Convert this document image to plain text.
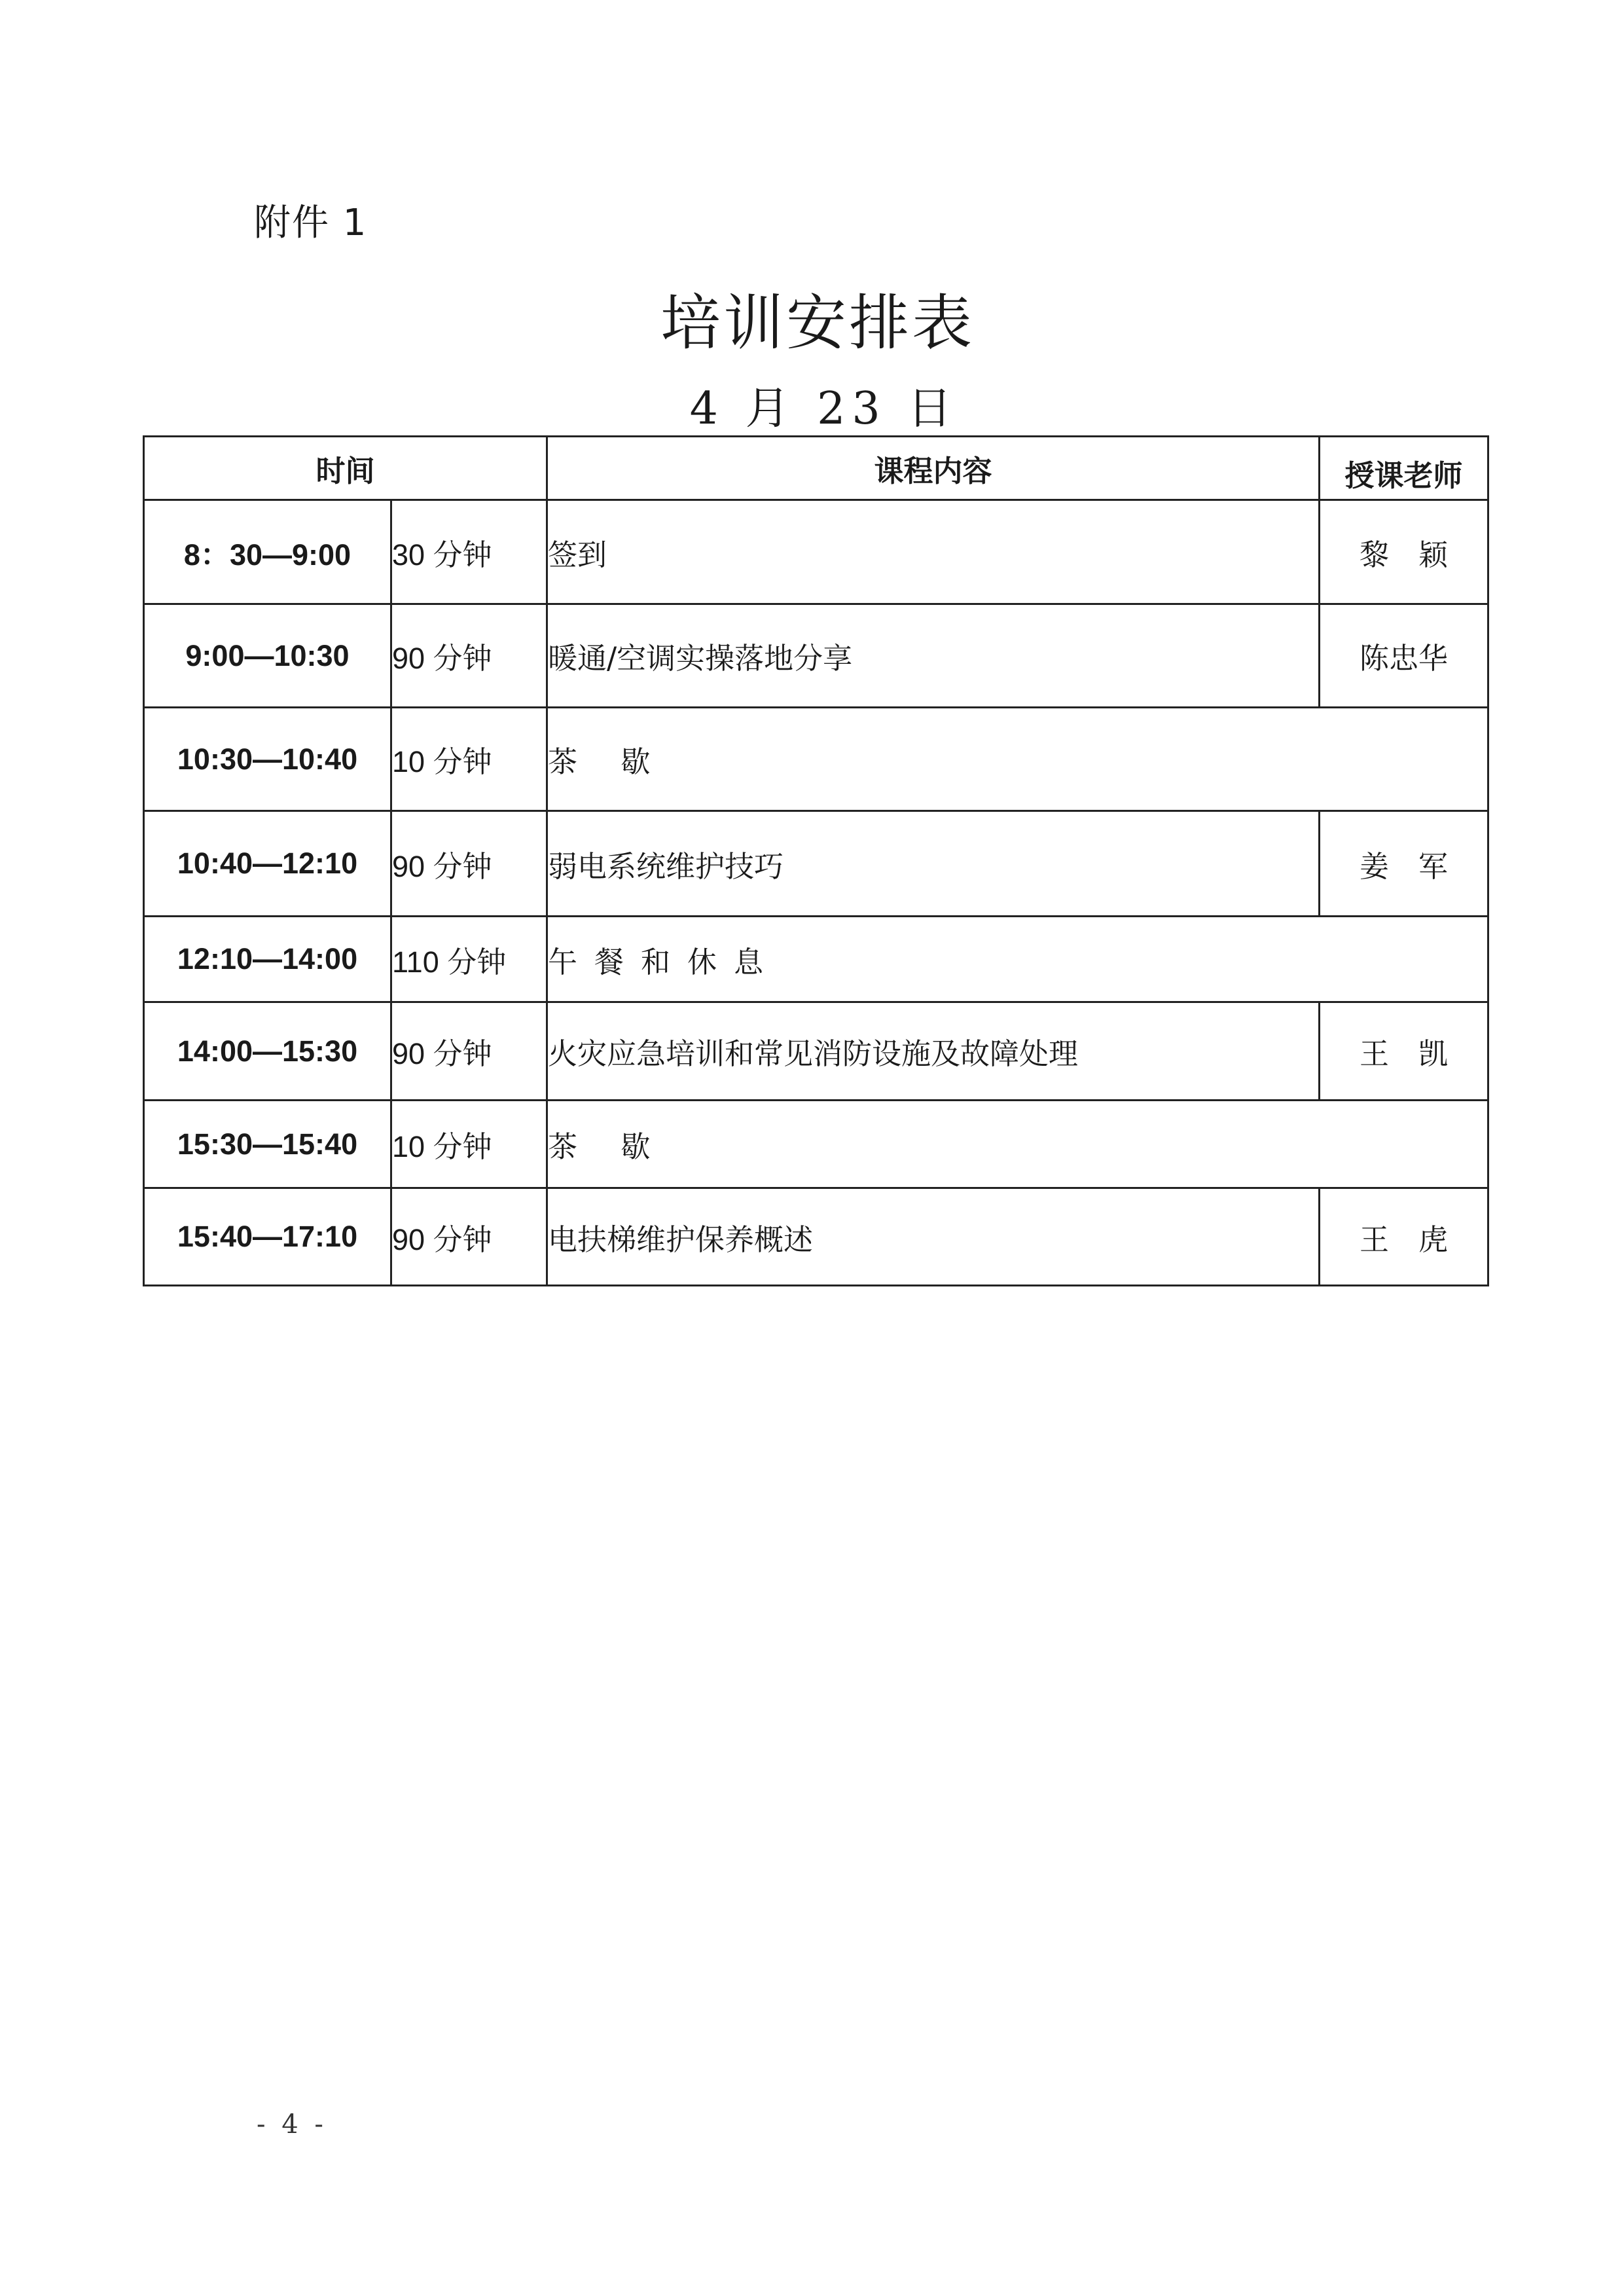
附件 1
培训安排表
4 月 23 日
时间		课程内容	授课老师
8：30—9:00	30 分钟	签到	黎　颖
9:00—10:30	90 分钟	暖通/空调实操落地分享	陈忠华
10:30—10:40	10 分钟	茶 歇	
10:40—12:10	90 分钟	弱电系统维护技巧	姜　军
12:10—14:00	110 分钟	午餐和休息	
14:00—15:30	90 分钟	火灾应急培训和常见消防设施及故障处理	王　凯
15:30—15:40	10 分钟	茶 歇	
15:40—17:10	90 分钟	电扶梯维护保养概述	王　虎
- 4 -
